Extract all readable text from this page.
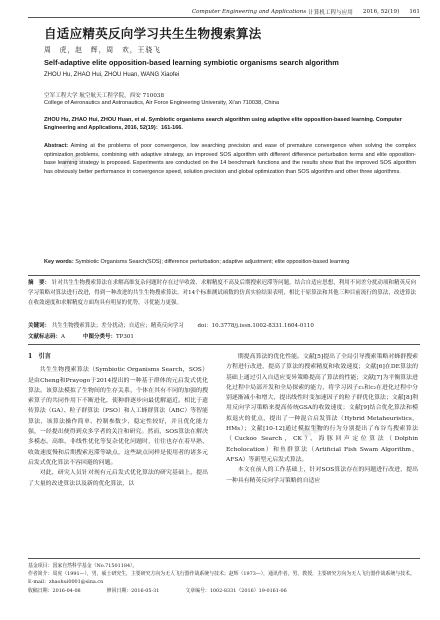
▪▪
▪▪
Computer Engineering and Applications 计算机工程与应用 2016, 52(19) 161
自适应精英反向学习共生生物搜索算法
周　虎，赵　辉，周　欢，王骁飞
Self-adaptive elite opposition-based learning symbiotic organisms search algorithm
ZHOU Hu, ZHAO Hui, ZHOU Huan, WANG Xiaofei
空军工程大学 航空航天工程学院，西安 710038
College of Aeronautics and Astronautics, Air Force Engineering University, Xi’an 710038, China
ZHOU Hu, ZHAO Hui, ZHOU Huan, et al. Symbiotic organisms search algorithm using adaptive elite opposition-based learning. Computer Engineering and Applications, 2016, 52(19)：161-166.
Abstract: Aiming at the problems of poor convergence, low searching precision and ease of premature convergence when solving the complex optimization problems, combining with adaptive strategy, an improved SOS algorithm with different difference perturbation terms and elite opposition-base learning strategy is proposed. Experiments are conducted on the 14 benchmark functions and the results show that the improved SOS algorithm has obviously better performance in convergence speed, solution precision and global optimization than SOS algorithm and other three algorithms.
Key words: Symbiotic Organisms Search(SOS); difference perturbation; adaptive adjustment; elite opposition-based learning
摘　要： 针对共生生物搜索算法在求解高维复杂问题时存在过早收敛、求解精度不高及后期搜索迟滞等问题，结合自适应思想，利用不同差分扰动项和精英反向学习策略对算法进行改进，得到一种改进的共生生物搜索算法。对14个标准测试函数的仿真实验结果表明，相比于原算法和其他三种目前流行的算法，改进算法在收敛速度和求解精度方面均具有明显的优势，寻优能力更强。
关键词： 共生生物搜索算法；差分扰动；自适应；精英反向学习	doi：10.3778/j.issn.1002-8331.1604-0110
文献标志码：A	中图分类号：TP301
1　引言

共生生物搜索算法（Symbiotic Organisms Search，SOS）是由Cheng和Prayogo于2014提出的一种基于群体的元启发式优化算法。该算法模拟了生物间的生存关系，个体在其有不同的加强的搜索算子的共同作用下不断进化，使种群逐步向最优解逼近。相比于遗传算法（GA）、粒子群算法（PSO）和人工蜂群算法（ABC）等智能算法，该算法操作简单、控制参数少、稳定性较好，并且优化能力强，一经提出便得到众多学者的关注和研究。然而，SOS算法在解决多模态、高维、非线性优化等复杂优化问题时，往往也存在着早熟、收敛速度慢和后期搜索迟滞等缺点，这些缺点同样是使用者的诸多元启发式优化算法不容回避的问题。

对此，研究人员针对现有元启发式优化算法的研究基础上，提出了大量的改进算法以及新的优化算法，以

期提高算法的优化性能。文献[5]提出了全局引导搜索策略对蜂群搜索方程进行改进，提高了算法的搜索精度和收敛速度；文献[6]在DE算法的基础上通过引入自适应变异策略提高了算法的性能；文献[7]为平衡算法进化过程中局部开发和全局探索的能力，将学习因子c₁和c₂在进化过程中分别逐渐减小和增大，提出线性时变加速因子的粒子群优化算法；文献[8]利用反向学习策略来提高传统GSA的收敛速度；文献[9]结合优化算法和模拟退火的优点，提出了一种混合启发算法（Hybrid Metaheuristics，HMs）；文献[10-12]通过模拟生物的行为分别提出了布谷鸟搜索算法（Cuckoo Search，CK）、海豚回声定位算法（Dolphin Echolocation）和鱼群算法（Artificial Fish Swam Algorithm，AFSA）等新型元启发式算法。

本文在前人的工作基础上，针对SOS算法存在的问题进行改进，提出一种具有精英反向学习策略的自适应

基金项目：国家自然科学基金（No.71501184）。
作者简介：周虎（1991—），男，硕士研究生，主要研究方向为无人飞行器作战系统与技术；赵辉（1973—），通讯作者，男，教授，主要研究方向为无人飞行器作战系统与技术。E-mail：zhaohui0001@sina.cn
收稿日期：2016-04-08	修回日期：2016-05-31	文章编号：1002-8331（2016）19-0161-06
